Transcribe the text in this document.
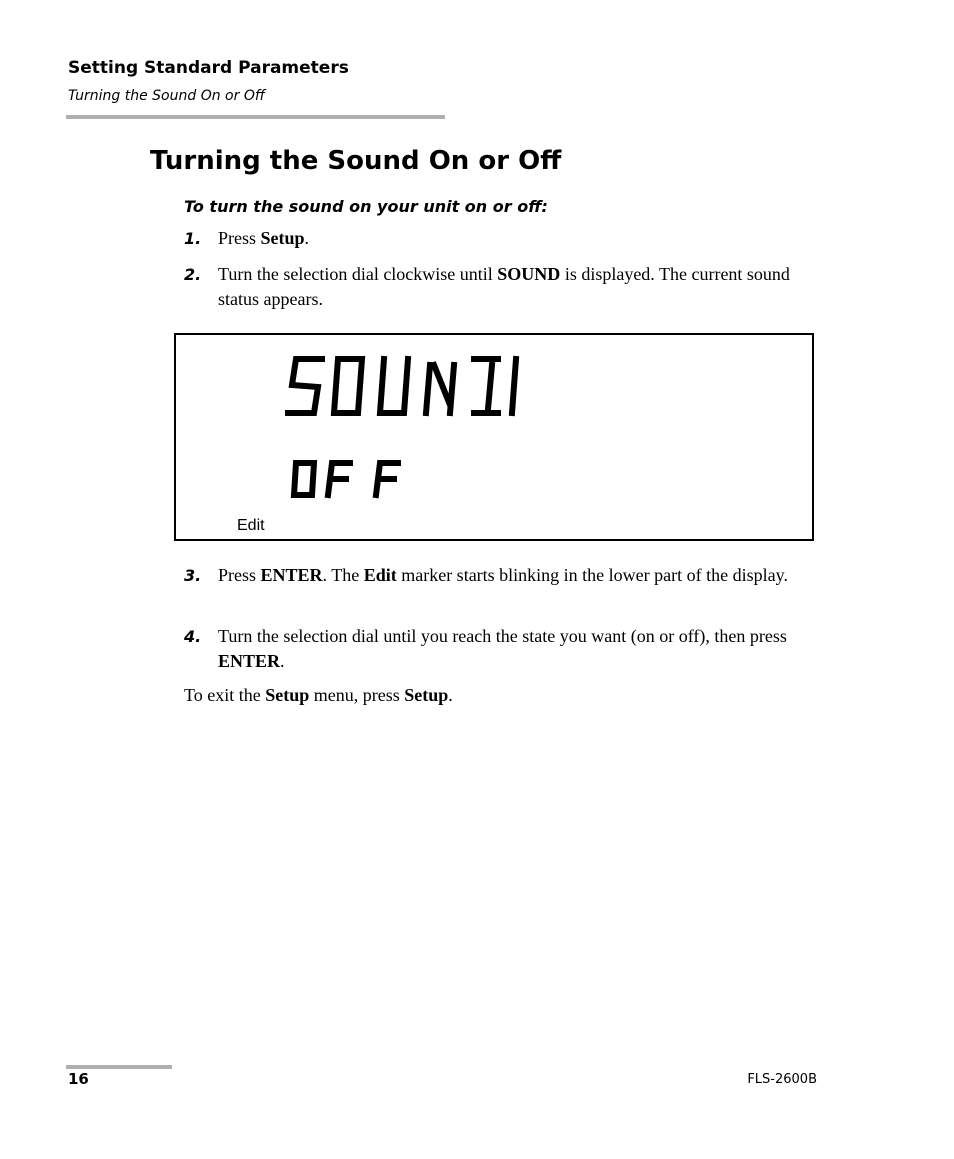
Setting Standard Parameters
Turning the Sound On or Off
Turning the Sound On or Off
To turn the sound on your unit on or off:
1. Press Setup.
2. Turn the selection dial clockwise until SOUND is displayed. The current sound status appears.
SOUNDOFF
Edit
3. Press ENTER. The Edit marker starts blinking in the lower part of the display.
4. Turn the selection dial until you reach the state you want (on or off), then press ENTER.
To exit the Setup menu, press Setup.
16	FLS-2600B
